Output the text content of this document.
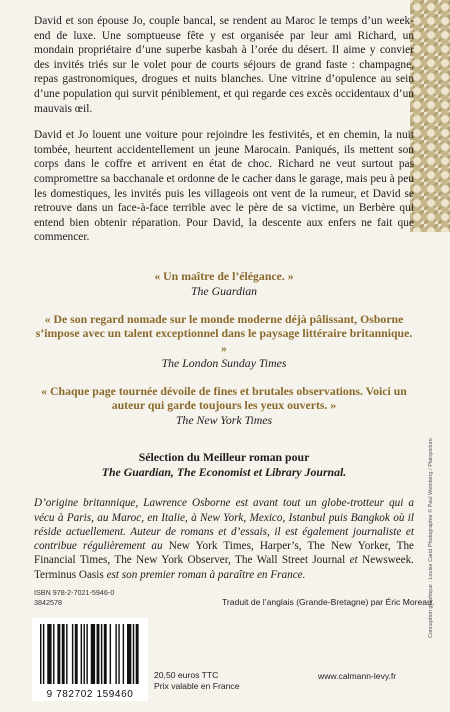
David et son épouse Jo, couple bancal, se rendent au Maroc le temps d’un week-end de luxe. Une somptueuse fête y est organisée par leur ami Richard, un mondain propriétaire d’une superbe kasbah à l’orée du désert. Il aime y convier des invités triés sur le volet pour de courts séjours de grand faste : champagne, repas gastronomiques, drogues et nuits blanches. Une vitrine d’opulence au sein d’une population qui survit péniblement, et qui regarde ces excès occidentaux d’un mauvais œil.

David et Jo louent une voiture pour rejoindre les festivités, et en chemin, la nuit tombée, heurtent accidentellement un jeune Marocain. Paniqués, ils mettent son corps dans le coffre et arrivent en état de choc. Richard ne veut surtout pas compromettre sa bacchanale et ordonne de le cacher dans le garage, mais peu à peu les domestiques, les invités puis les villageois ont vent de la rumeur, et David se retrouve dans un face-à-face terrible avec le père de sa victime, un Berbère qui entend bien obtenir réparation. Pour David, la descente aux enfers ne fait que commencer.

« Un maître de l’élégance. »
The Guardian
« De son regard nomade sur le monde moderne déjà pâlissant, Osborne s’impose avec un talent exceptionnel dans le paysage littéraire britannique. »
The London Sunday Times
« Chaque page tournée dévoile de fines et brutales observations. Voici un auteur qui garde toujours les yeux ouverts. »
The New York Times
Sélection du Meilleur roman pour
The Guardian, The Economist et Library Journal.

D’origine britannique, Lawrence Osborne est avant tout un globe-trotteur qui a vécu à Paris, au Maroc, en Italie, à New York, Mexico, Istanbul puis Bangkok où il réside actuellement. Auteur de romans et d’essais, il est également journaliste et contribue régulièrement au New York Times, Harper’s, The New Yorker, The Financial Times, The New York Observer, The Wall Street Journal et Newsweek. Terminus Oasis est son premier roman à paraître en France.	Conception graphique : Louise Cand Photographie © Paul Weinberg / Plainpicture
ISBN 978-2-7021-5946-0
3842578	Traduit de l’anglais (Grande-Bretagne) par Éric Moreau.
9 782702 159460
20,50 euros TTC
Prix valable en France
www.calmann-levy.fr
